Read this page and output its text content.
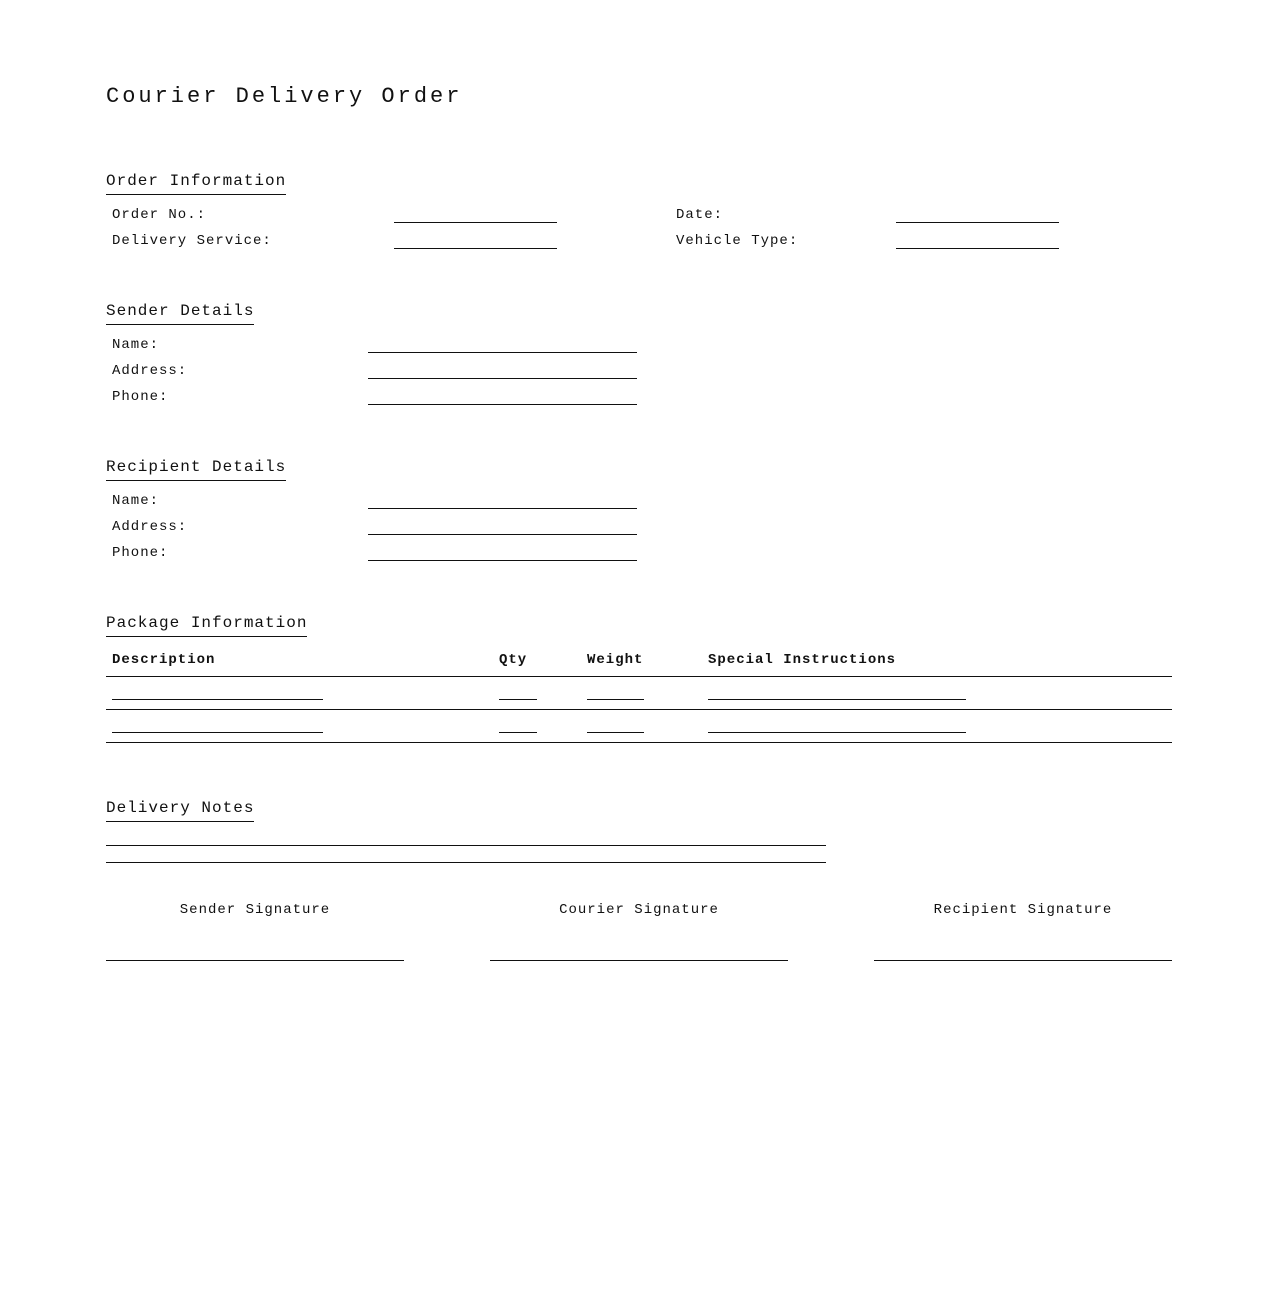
Courier Delivery Order
Order Information
Order No.:
Delivery Service:
Date:
Vehicle Type:
Sender Details
Name:
Address:
Phone:
Recipient Details
Name:
Address:
Phone:
Package Information
Description	Qty	Weight	Special Instructions
Delivery Notes
Sender Signature	Courier Signature	Recipient Signature
